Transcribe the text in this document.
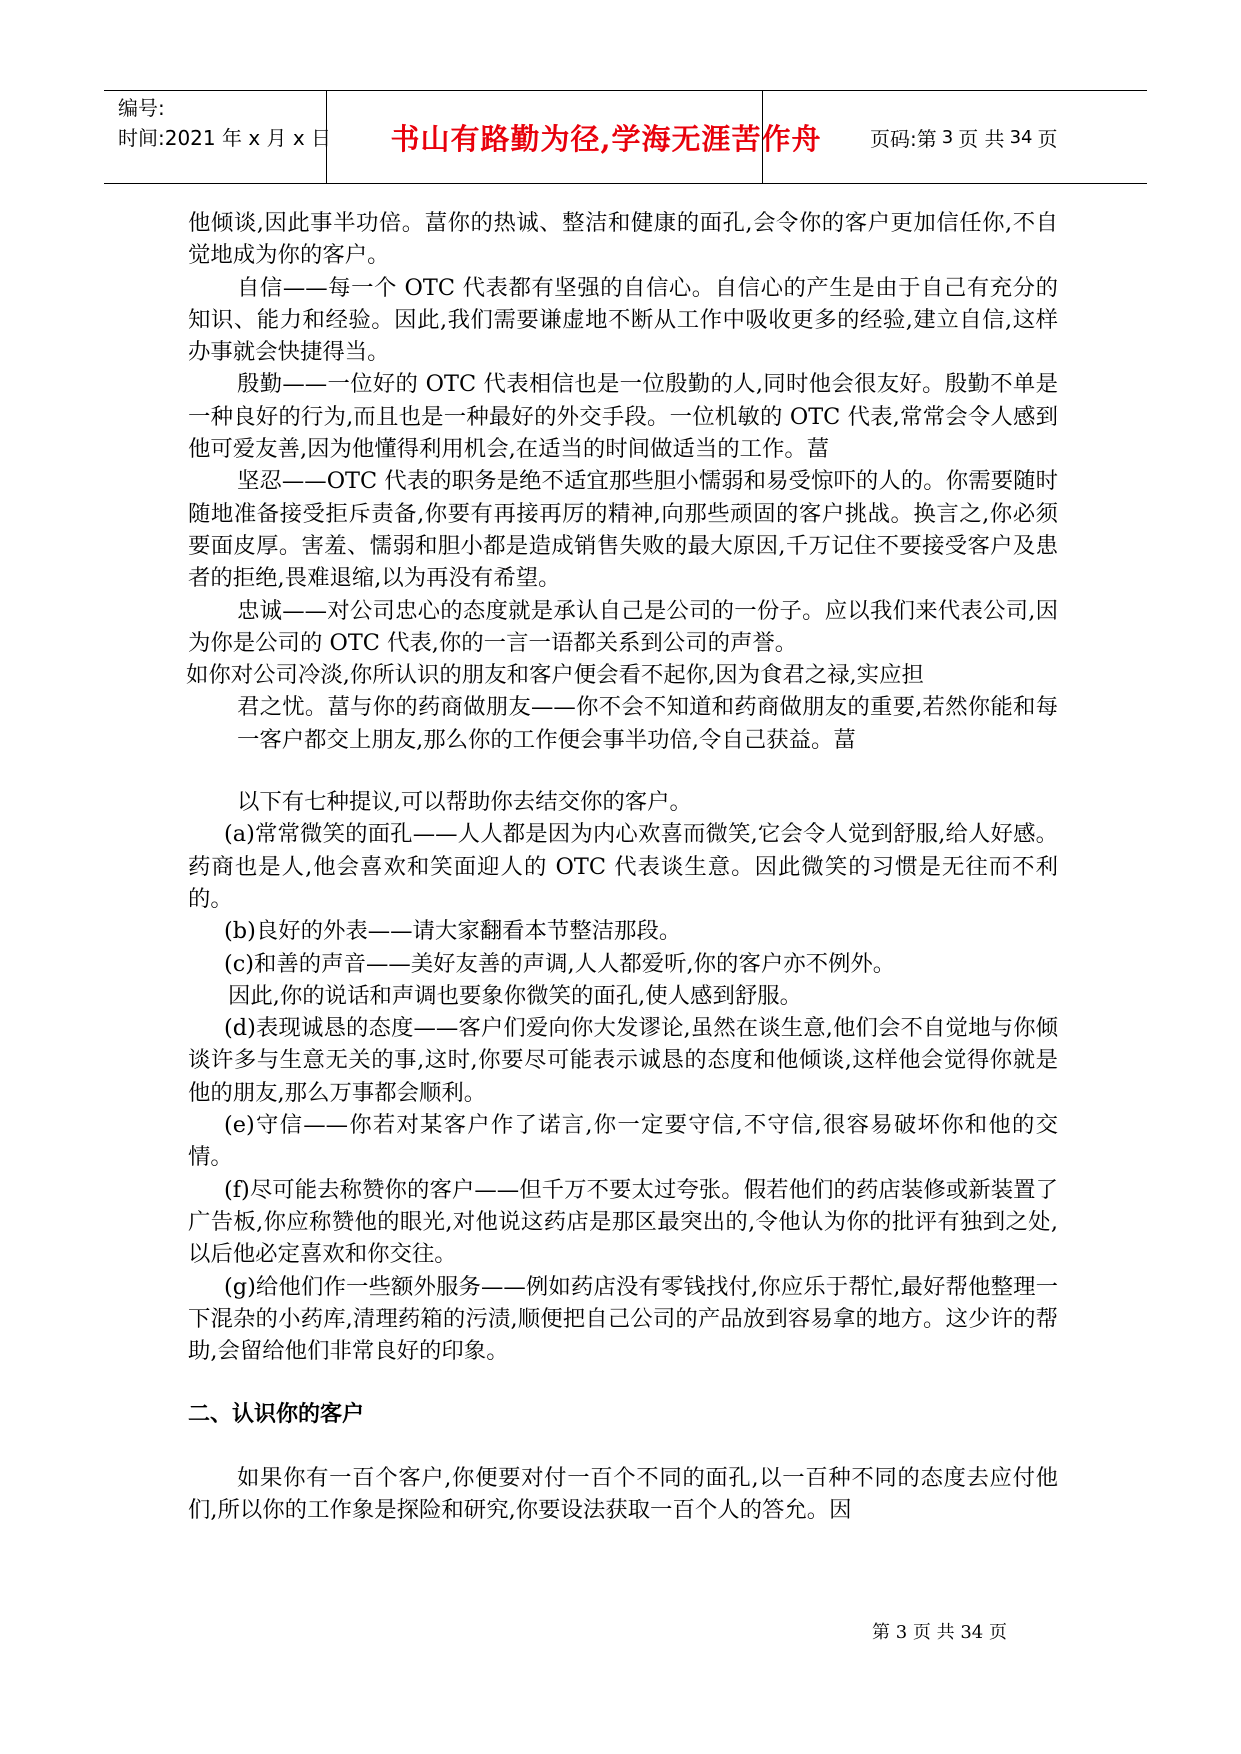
编号:
时间:2021 年 x 月 x 日	书山有路勤为径,学海无涯苦作舟	页码:第 3 页 共 34 页

他倾谈,因此事半功倍。葍你的热诚、整洁和健康的面孔,会令你的客户更加信任你,不自觉地成为你的客户。

自信——每一个 OTC 代表都有坚强的自信心。自信心的产生是由于自己有充分的知识、能力和经验。因此,我们需要谦虚地不断从工作中吸收更多的经验,建立自信,这样办事就会快捷得当。

殷勤——一位好的 OTC 代表相信也是一位殷勤的人,同时他会很友好。殷勤不单是一种良好的行为,而且也是一种最好的外交手段。一位机敏的 OTC 代表,常常会令人感到他可爱友善,因为他懂得利用机会,在适当的时间做适当的工作。葍

坚忍——OTC 代表的职务是绝不适宜那些胆小懦弱和易受惊吓的人的。你需要随时随地准备接受拒斥责备,你要有再接再厉的精神,向那些顽固的客户挑战。换言之,你必须要面皮厚。害羞、懦弱和胆小都是造成销售失败的最大原因,千万记住不要接受客户及患者的拒绝,畏难退缩,以为再没有希望。

忠诚——对公司忠心的态度就是承认自己是公司的一份子。应以我们来代表公司,因为你是公司的 OTC 代表,你的一言一语都关系到公司的声誉。

如你对公司冷淡,你所认识的朋友和客户便会看不起你,因为食君之禄,实应担

君之忧。葍与你的药商做朋友——你不会不知道和药商做朋友的重要,若然你能和每一客户都交上朋友,那么你的工作便会事半功倍,令自己获益。葍

以下有七种提议,可以帮助你去结交你的客户。

(a)常常微笑的面孔——人人都是因为内心欢喜而微笑,它会令人觉到舒服,给人好感。药商也是人,他会喜欢和笑面迎人的 OTC 代表谈生意。因此微笑的习惯是无往而不利的。

(b)良好的外表——请大家翻看本节整洁那段。

(c)和善的声音——美好友善的声调,人人都爱听,你的客户亦不例外。

因此,你的说话和声调也要象你微笑的面孔,使人感到舒服。

(d)表现诚恳的态度——客户们爱向你大发谬论,虽然在谈生意,他们会不自觉地与你倾谈许多与生意无关的事,这时,你要尽可能表示诚恳的态度和他倾谈,这样他会觉得你就是他的朋友,那么万事都会顺利。

(e)守信——你若对某客户作了诺言,你一定要守信,不守信,很容易破坏你和他的交情。

(f)尽可能去称赞你的客户——但千万不要太过夸张。假若他们的药店装修或新装置了广告板,你应称赞他的眼光,对他说这药店是那区最突出的,令他认为你的批评有独到之处,以后他必定喜欢和你交往。

(g)给他们作一些额外服务——例如药店没有零钱找付,你应乐于帮忙,最好帮他整理一下混杂的小药库,清理药箱的污渍,顺便把自己公司的产品放到容易拿的地方。这少许的帮助,会留给他们非常良好的印象。

二、认识你的客户

如果你有一百个客户,你便要对付一百个不同的面孔,以一百种不同的态度去应付他们,所以你的工作象是探险和研究,你要设法获取一百个人的答允。因

第 3 页 共 34 页
